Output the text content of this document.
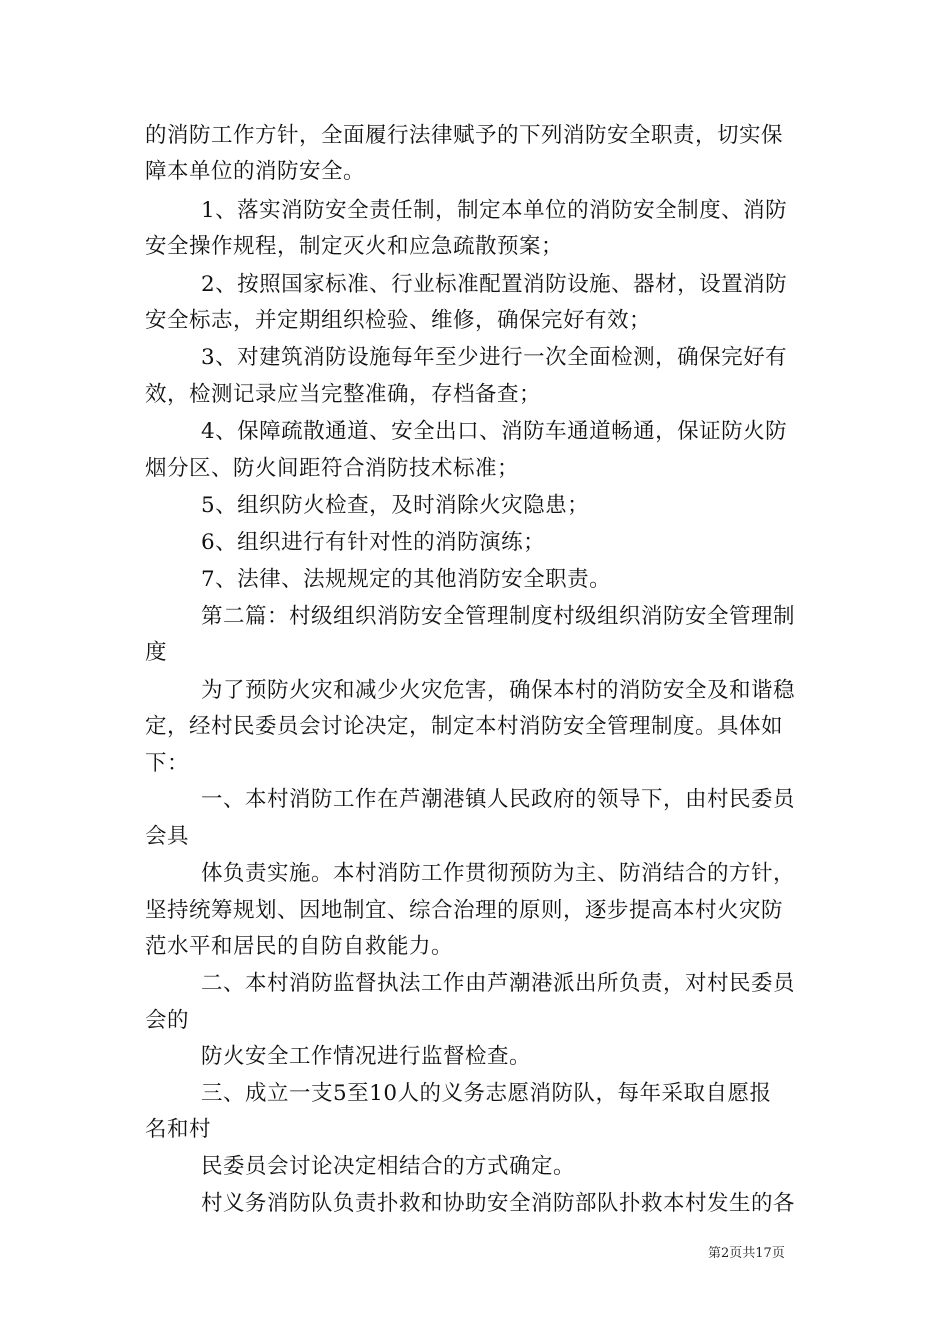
的消防工作方针，全面履行法律赋予的下列消防安全职责，切实保
障本单位的消防安全。
1、落实消防安全责任制，制定本单位的消防安全制度、消防
安全操作规程，制定灭火和应急疏散预案；
2、按照国家标准、行业标准配置消防设施、器材，设置消防
安全标志，并定期组织检验、维修，确保完好有效；
3、对建筑消防设施每年至少进行一次全面检测，确保完好有
效，检测记录应当完整准确，存档备查；
4、保障疏散通道、安全出口、消防车通道畅通，保证防火防
烟分区、防火间距符合消防技术标准；
5、组织防火检查，及时消除火灾隐患；
6、组织进行有针对性的消防演练；
7、法律、法规规定的其他消防安全职责。
第二篇：村级组织消防安全管理制度村级组织消防安全管理制
度
为了预防火灾和减少火灾危害，确保本村的消防安全及和谐稳
定，经村民委员会讨论决定，制定本村消防安全管理制度。具体如
下：
一、本村消防工作在芦潮港镇人民政府的领导下，由村民委员
会具
体负责实施。本村消防工作贯彻预防为主、防消结合的方针，
坚持统筹规划、因地制宜、综合治理的原则，逐步提高本村火灾防
范水平和居民的自防自救能力。
二、本村消防监督执法工作由芦潮港派出所负责，对村民委员
会的
防火安全工作情况进行监督检查。
三、成立一支5至10人的义务志愿消防队，每年采取自愿报
名和村
民委员会讨论决定相结合的方式确定。
村义务消防队负责扑救和协助安全消防部队扑救本村发生的各
第2页共17页
